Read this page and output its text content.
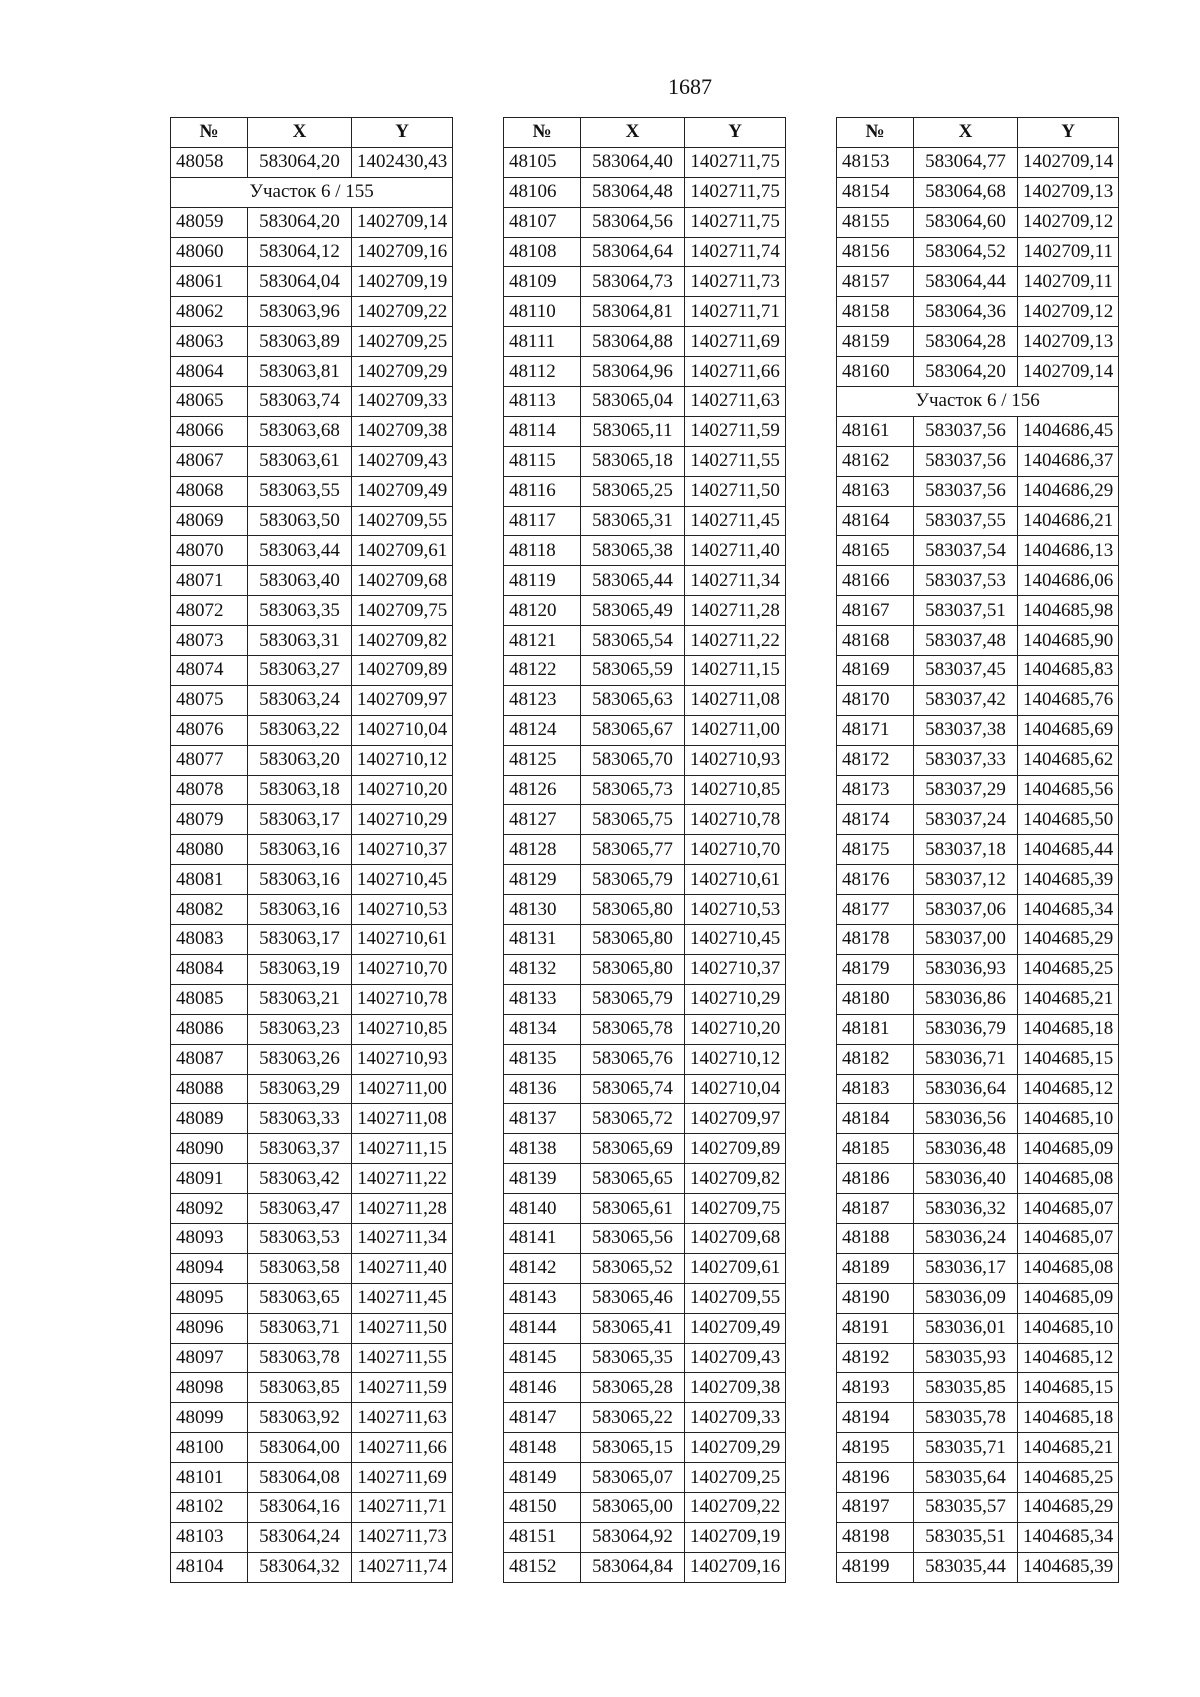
1687
№	X	Y
48058	583064,20	1402430,43
Участок 6 / 155		
48059	583064,20	1402709,14
48060	583064,12	1402709,16
48061	583064,04	1402709,19
48062	583063,96	1402709,22
48063	583063,89	1402709,25
48064	583063,81	1402709,29
48065	583063,74	1402709,33
48066	583063,68	1402709,38
48067	583063,61	1402709,43
48068	583063,55	1402709,49
48069	583063,50	1402709,55
48070	583063,44	1402709,61
48071	583063,40	1402709,68
48072	583063,35	1402709,75
48073	583063,31	1402709,82
48074	583063,27	1402709,89
48075	583063,24	1402709,97
48076	583063,22	1402710,04
48077	583063,20	1402710,12
48078	583063,18	1402710,20
48079	583063,17	1402710,29
48080	583063,16	1402710,37
48081	583063,16	1402710,45
48082	583063,16	1402710,53
48083	583063,17	1402710,61
48084	583063,19	1402710,70
48085	583063,21	1402710,78
48086	583063,23	1402710,85
48087	583063,26	1402710,93
48088	583063,29	1402711,00
48089	583063,33	1402711,08
48090	583063,37	1402711,15
48091	583063,42	1402711,22
48092	583063,47	1402711,28
48093	583063,53	1402711,34
48094	583063,58	1402711,40
48095	583063,65	1402711,45
48096	583063,71	1402711,50
48097	583063,78	1402711,55
48098	583063,85	1402711,59
48099	583063,92	1402711,63
48100	583064,00	1402711,66
48101	583064,08	1402711,69
48102	583064,16	1402711,71
48103	583064,24	1402711,73
48104	583064,32	1402711,74
№	X	Y
48105	583064,40	1402711,75
48106	583064,48	1402711,75
48107	583064,56	1402711,75
48108	583064,64	1402711,74
48109	583064,73	1402711,73
48110	583064,81	1402711,71
48111	583064,88	1402711,69
48112	583064,96	1402711,66
48113	583065,04	1402711,63
48114	583065,11	1402711,59
48115	583065,18	1402711,55
48116	583065,25	1402711,50
48117	583065,31	1402711,45
48118	583065,38	1402711,40
48119	583065,44	1402711,34
48120	583065,49	1402711,28
48121	583065,54	1402711,22
48122	583065,59	1402711,15
48123	583065,63	1402711,08
48124	583065,67	1402711,00
48125	583065,70	1402710,93
48126	583065,73	1402710,85
48127	583065,75	1402710,78
48128	583065,77	1402710,70
48129	583065,79	1402710,61
48130	583065,80	1402710,53
48131	583065,80	1402710,45
48132	583065,80	1402710,37
48133	583065,79	1402710,29
48134	583065,78	1402710,20
48135	583065,76	1402710,12
48136	583065,74	1402710,04
48137	583065,72	1402709,97
48138	583065,69	1402709,89
48139	583065,65	1402709,82
48140	583065,61	1402709,75
48141	583065,56	1402709,68
48142	583065,52	1402709,61
48143	583065,46	1402709,55
48144	583065,41	1402709,49
48145	583065,35	1402709,43
48146	583065,28	1402709,38
48147	583065,22	1402709,33
48148	583065,15	1402709,29
48149	583065,07	1402709,25
48150	583065,00	1402709,22
48151	583064,92	1402709,19
48152	583064,84	1402709,16
№	X	Y
48153	583064,77	1402709,14
48154	583064,68	1402709,13
48155	583064,60	1402709,12
48156	583064,52	1402709,11
48157	583064,44	1402709,11
48158	583064,36	1402709,12
48159	583064,28	1402709,13
48160	583064,20	1402709,14
Участок 6 / 156		
48161	583037,56	1404686,45
48162	583037,56	1404686,37
48163	583037,56	1404686,29
48164	583037,55	1404686,21
48165	583037,54	1404686,13
48166	583037,53	1404686,06
48167	583037,51	1404685,98
48168	583037,48	1404685,90
48169	583037,45	1404685,83
48170	583037,42	1404685,76
48171	583037,38	1404685,69
48172	583037,33	1404685,62
48173	583037,29	1404685,56
48174	583037,24	1404685,50
48175	583037,18	1404685,44
48176	583037,12	1404685,39
48177	583037,06	1404685,34
48178	583037,00	1404685,29
48179	583036,93	1404685,25
48180	583036,86	1404685,21
48181	583036,79	1404685,18
48182	583036,71	1404685,15
48183	583036,64	1404685,12
48184	583036,56	1404685,10
48185	583036,48	1404685,09
48186	583036,40	1404685,08
48187	583036,32	1404685,07
48188	583036,24	1404685,07
48189	583036,17	1404685,08
48190	583036,09	1404685,09
48191	583036,01	1404685,10
48192	583035,93	1404685,12
48193	583035,85	1404685,15
48194	583035,78	1404685,18
48195	583035,71	1404685,21
48196	583035,64	1404685,25
48197	583035,57	1404685,29
48198	583035,51	1404685,34
48199	583035,44	1404685,39
